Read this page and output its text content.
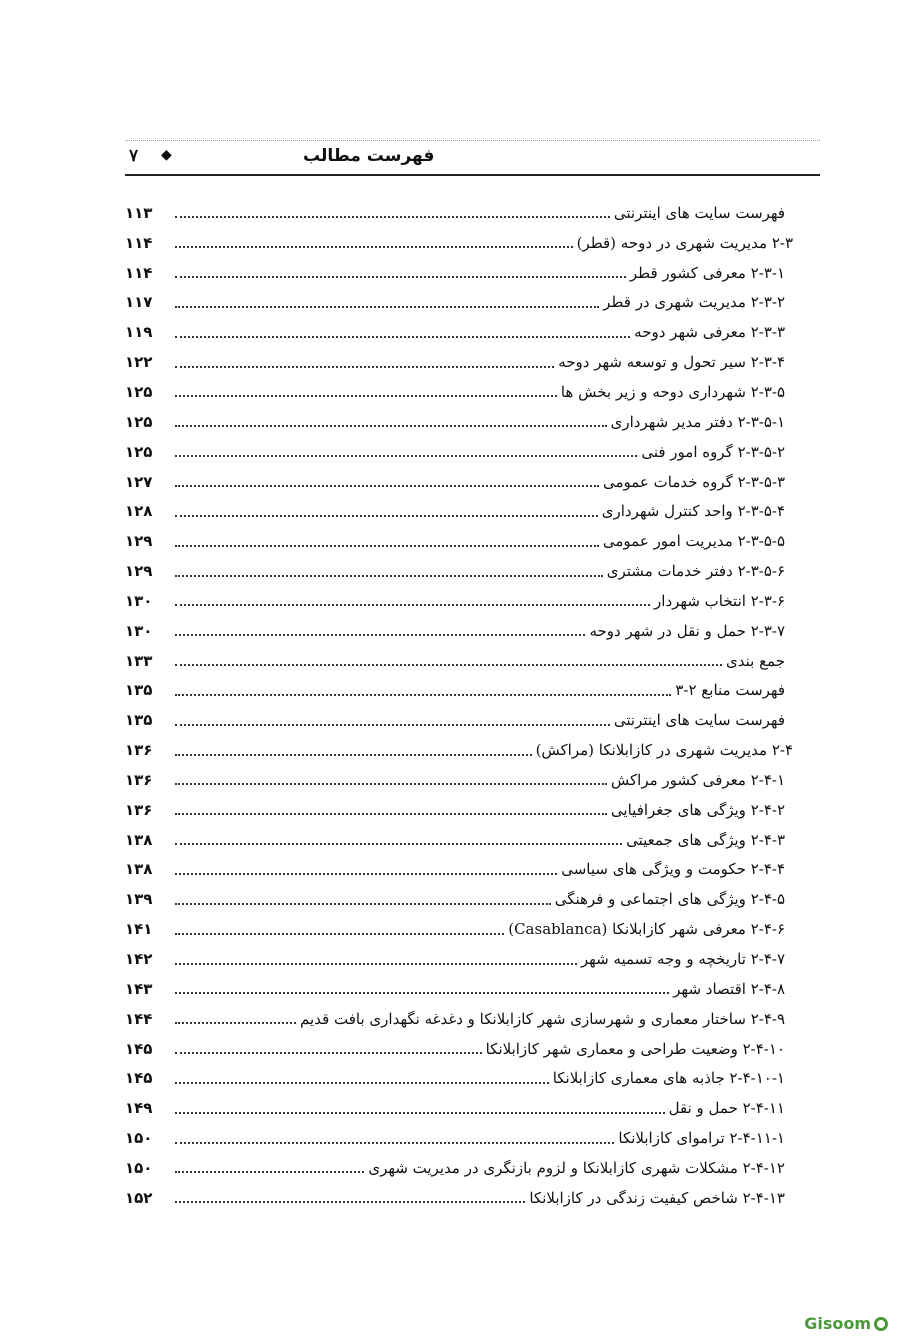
۷ ◆	فهرست مطالب
فهرست سایت های اینترنتی
۱۱۳
۲-۳ مدیریت شهری در دوحه (قطر)
۱۱۴
۲-۳-۱ معرفی کشور قطر
۱۱۴
۲-۳-۲ مدیریت شهری در قطر
۱۱۷
۲-۳-۳ معرفی شهر دوحه
۱۱۹
۲-۳-۴ سیر تحول و توسعه شهر دوحه
۱۲۲
۲-۳-۵ شهرداری دوحه و زیر بخش ها
۱۲۵
۲-۳-۵-۱ دفتر مدیر شهرداری
۱۲۵
۲-۳-۵-۲ گروه امور فنی
۱۲۵
۲-۳-۵-۳ گروه خدمات عمومی
۱۲۷
۲-۳-۵-۴ واحد کنترل شهرداری
۱۲۸
۲-۳-۵-۵ مدیریت امور عمومی
۱۲۹
۲-۳-۵-۶ دفتر خدمات مشتری
۱۲۹
۲-۳-۶ انتخاب شهردار
۱۳۰
۲-۳-۷ حمل و نقل در شهر دوحه
۱۳۰
جمع بندی
۱۳۳
فهرست منابع ۲-۳
۱۳۵
فهرست سایت های اینترنتی
۱۳۵
۲-۴ مدیریت شهری در کازابلانکا (مراکش)
۱۳۶
۲-۴-۱ معرفی کشور مراکش
۱۳۶
۲-۴-۲ ویژگی های جغرافیایی
۱۳۶
۲-۴-۳ ویژگی های جمعیتی
۱۳۸
۲-۴-۴ حکومت و ویژگی های سیاسی
۱۳۸
۲-۴-۵ ویژگی های اجتماعی و فرهنگی
۱۳۹
۲-۴-۶ معرفی شهر کازابلانکا (Casablanca)
۱۴۱
۲-۴-۷ تاریخچه و وجه تسمیه شهر
۱۴۲
۲-۴-۸ اقتصاد شهر
۱۴۳
۲-۴-۹ ساختار معماری و شهرسازی شهر کازابلانکا و دغدغه نگهداری بافت قدیم
۱۴۴
۲-۴-۱۰ وضعیت طراحی و معماری شهر کازابلانکا
۱۴۵
۲-۴-۱۰-۱ جاذبه های معماری کازابلانکا
۱۴۵
۲-۴-۱۱ حمل و نقل
۱۴۹
۲-۴-۱۱-۱ ترامواى کازابلانکا
۱۵۰
۲-۴-۱۲ مشکلات شهری کازابلانکا و لزوم بازنگری در مدیریت شهری
۱۵۰
۲-۴-۱۳ شاخص کیفیت زندگی در کازابلانکا
۱۵۲
Gisoom
